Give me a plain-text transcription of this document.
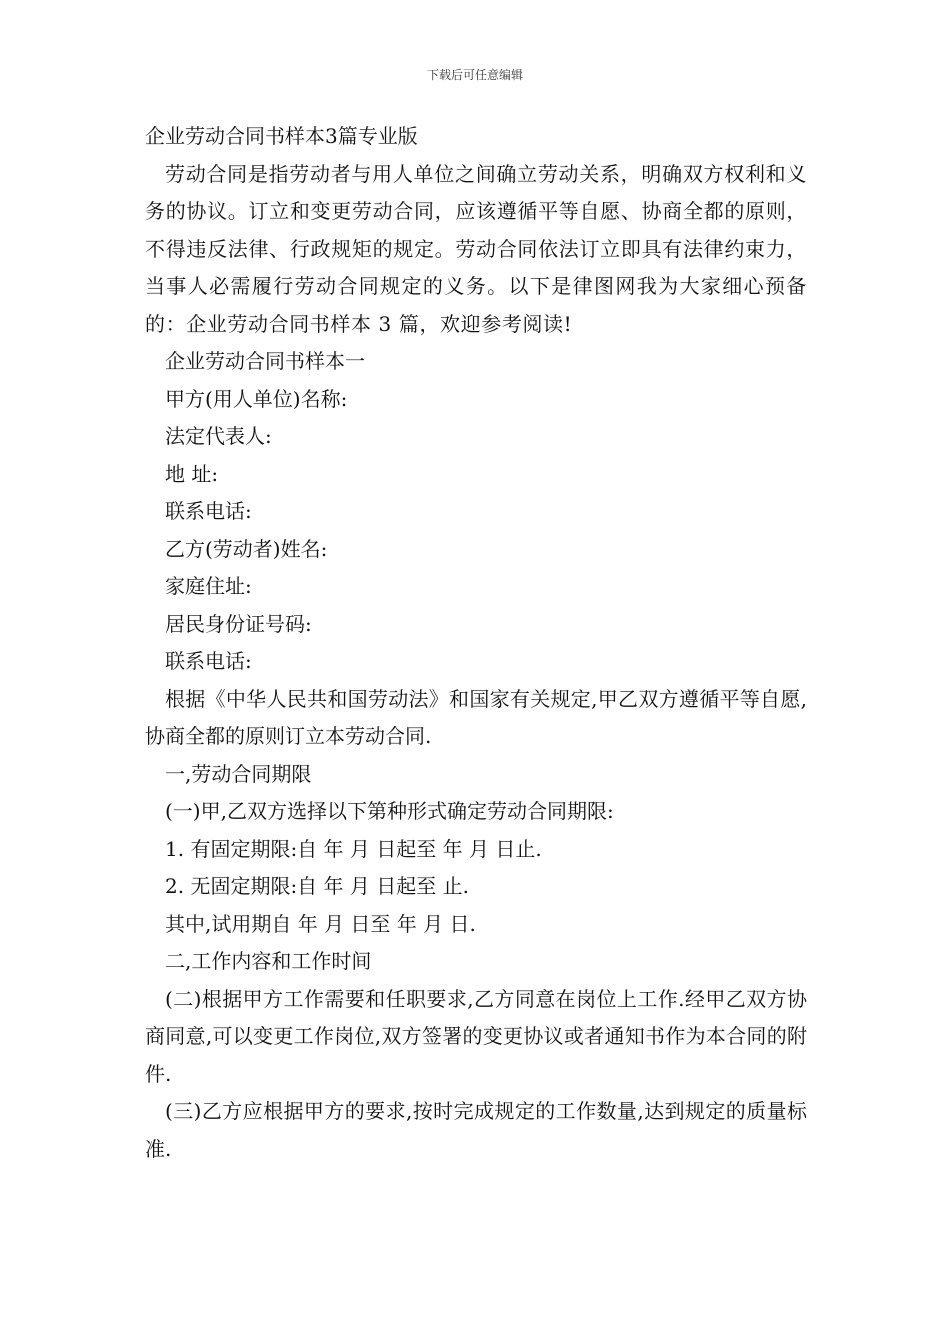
下载后可任意编辑

企业劳动合同书样本3篇专业版

劳动合同是指劳动者与用人单位之间确立劳动关系，明确双方权利和义务的协议。订立和变更劳动合同，应该遵循平等自愿、协商全都的原则，不得违反法律、行政规矩的规定。劳动合同依法订立即具有法律约束力，当事人必需履行劳动合同规定的义务。以下是律图网我为大家细心预备的：企业劳动合同书样本 3 篇，欢迎参考阅读!

企业劳动合同书样本一

甲方(用人单位)名称:

法定代表人:

地 址:

联系电话:

乙方(劳动者)姓名:

家庭住址:

居民身份证号码:

联系电话:

根据《中华人民共和国劳动法》和国家有关规定,甲乙双方遵循平等自愿,协商全都的原则订立本劳动合同.

一,劳动合同期限

(一)甲,乙双方选择以下第种形式确定劳动合同期限:

1. 有固定期限:自 年 月 日起至 年 月 日止.

2. 无固定期限:自 年 月 日起至 止.

其中,试用期自 年 月 日至 年 月 日.

二,工作内容和工作时间

(二)根据甲方工作需要和任职要求,乙方同意在岗位上工作.经甲乙双方协商同意,可以变更工作岗位,双方签署的变更协议或者通知书作为本合同的附件.

(三)乙方应根据甲方的要求,按时完成规定的工作数量,达到规定的质量标准.
